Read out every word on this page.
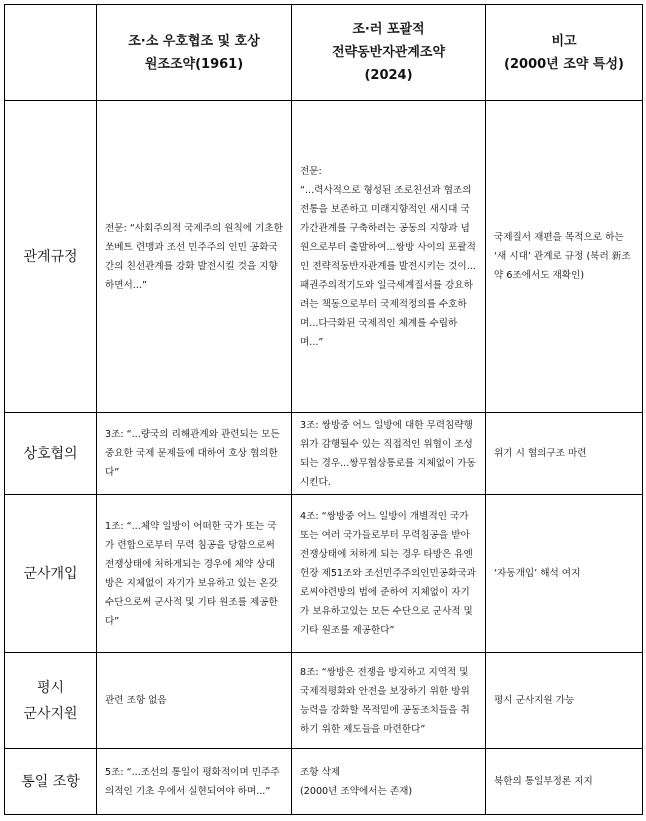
	조·소 우호협조 및 호상
원조조약(1961)	조·러 포괄적
전략동반자관계조약
(2024)	비고
(2000년 조약 특성)

관계규정	전문: “사회주의적 국제주의 원칙에 기초한 쏘베트 련맹과 조선 민주주의 인민 공화국간의 친선관계를 강화 발전시킬 것을 지향하면서...”	전문:
“...력사적으로 형성된 조로친선과 협조의 전통을 보존하고 미래지향적인 새시대 국가간관계를 구축하려는 공동의 지향과 념원으로부터 출발하여...쌍방 사이의 포괄적인 전략적동반자관계를 발전시키는 것이...패권주의적기도와 일극세계질서를 강요하려는 책동으로부터 국제적정의를 수호하며...다극화된 국제적인 체계를 수립하며...”	국제질서 재편을 목적으로 하는 ‘새 시대’ 관계로 규정 (북러 新조약 6조에서도 재확인)
상호협의	3조: “...량국의 리해관계와 관련되는 모든 중요한 국제 문제들에 대하여 호상 협의한다”	3조: 쌍방중 어느 일방에 대한 무력침략행위가 감행될수 있는 직접적인 위협이 조성되는 경우...쌍무협상통로를 지체없이 가동시킨다.	위기 시 협의구조 마련
군사개입	1조: “...체약 일방이 어떠한 국가 또는 국가 련합으로부터 무력 침공을 당함으로써 전쟁상태에 처하게되는 경우에 체약 상대방은 지체없이 자기가 보유하고 있는 온갖 수단으로써 군사적 및 기타 원조를 제공한다”	4조: “쌍방중 어느 일방이 개별적인 국가 또는 여러 국가들로부터 무력침공을 받아 전쟁상태에 처하게 되는 경우 타방은 유엔헌장 제51조와 조선민주주의인민공화국과 로씨야련방의 법에 준하여 지체없이 자기가 보유하고있는 모든 수단으로 군사적 및 기타 원조를 제공한다”	‘자동개입’ 해석 여지

평시
군사지원	관련 조항 없음	8조: “쌍방은 전쟁을 방지하고 지역적 및 국제적평화와 안전을 보장하기 위한 방위능력을 강화할 목적밑에 공동조치들을 취하기 위한 제도들을 마련한다”	평시 군사지원 가능
통일 조항	5조: “...조선의 통일이 평화적이며 민주주의적인 기초 우에서 실현되여야 하며...”	조항 삭제
(2000년 조약에서는 존재)	북한의 통일부정론 지지
